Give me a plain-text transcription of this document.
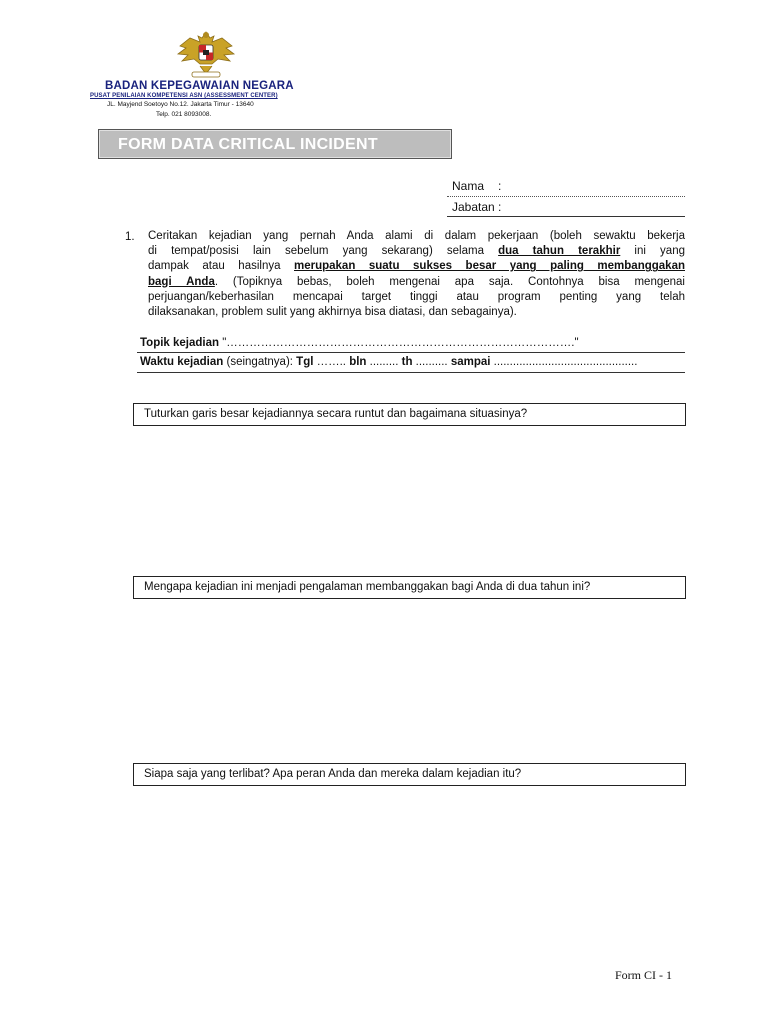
BADAN KEPEGAWAIAN NEGARA
PUSAT PENILAIAN KOMPETENSI ASN (ASSESSMENT CENTER)
JL. Mayjend Soetoyo No.12. Jakarta Timur - 13640
Telp. 021 8093008.
FORM DATA CRITICAL INCIDENT
Nama :
Jabatan :
1. Ceritakan kejadian yang pernah Anda alami di dalam pekerjaan (boleh sewaktu bekerja
di tempat/posisi lain sebelum yang sekarang) selama dua tahun terakhir ini yang
dampak atau hasilnya merupakan suatu sukses besar yang paling membanggakan
bagi Anda. (Topiknya bebas, boleh mengenai apa saja. Contohnya bisa mengenai
perjuangan/keberhasilan mencapai target tinggi atau program penting yang telah
dilaksanakan, problem sulit yang akhirnya bisa diatasi, dan sebagainya).
Topik kejadian "………………………………………………………………………………."
Waktu kejadian (seingatnya): Tgl …….. bln ......... th .......... sampai .............................................
Tuturkan garis besar kejadiannya secara runtut dan bagaimana situasinya?
Mengapa kejadian ini menjadi pengalaman membanggakan bagi Anda di dua tahun ini?
Siapa saja yang terlibat? Apa peran Anda dan mereka dalam kejadian itu?
Form CI - 1
